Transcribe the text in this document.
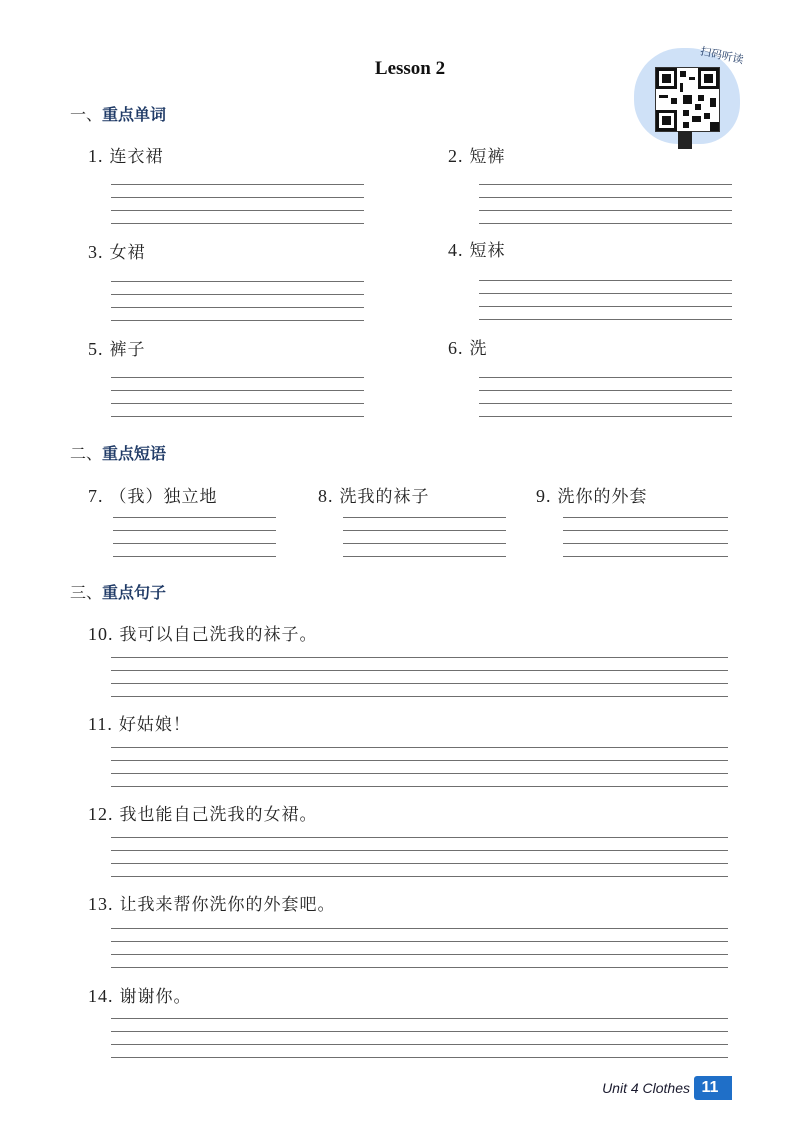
Lesson 2
扫码听读
一、重点单词
1. 连衣裙	2. 短裤
3. 女裙	4. 短袜
5. 裤子	6. 洗
二、重点短语
7. （我）独立地	8. 洗我的袜子	9. 洗你的外套
三、重点句子
10. 我可以自己洗我的袜子。
11. 好姑娘！
12. 我也能自己洗我的女裙。
13. 让我来帮你洗你的外套吧。
14. 谢谢你。
Unit 4 Clothes 11
